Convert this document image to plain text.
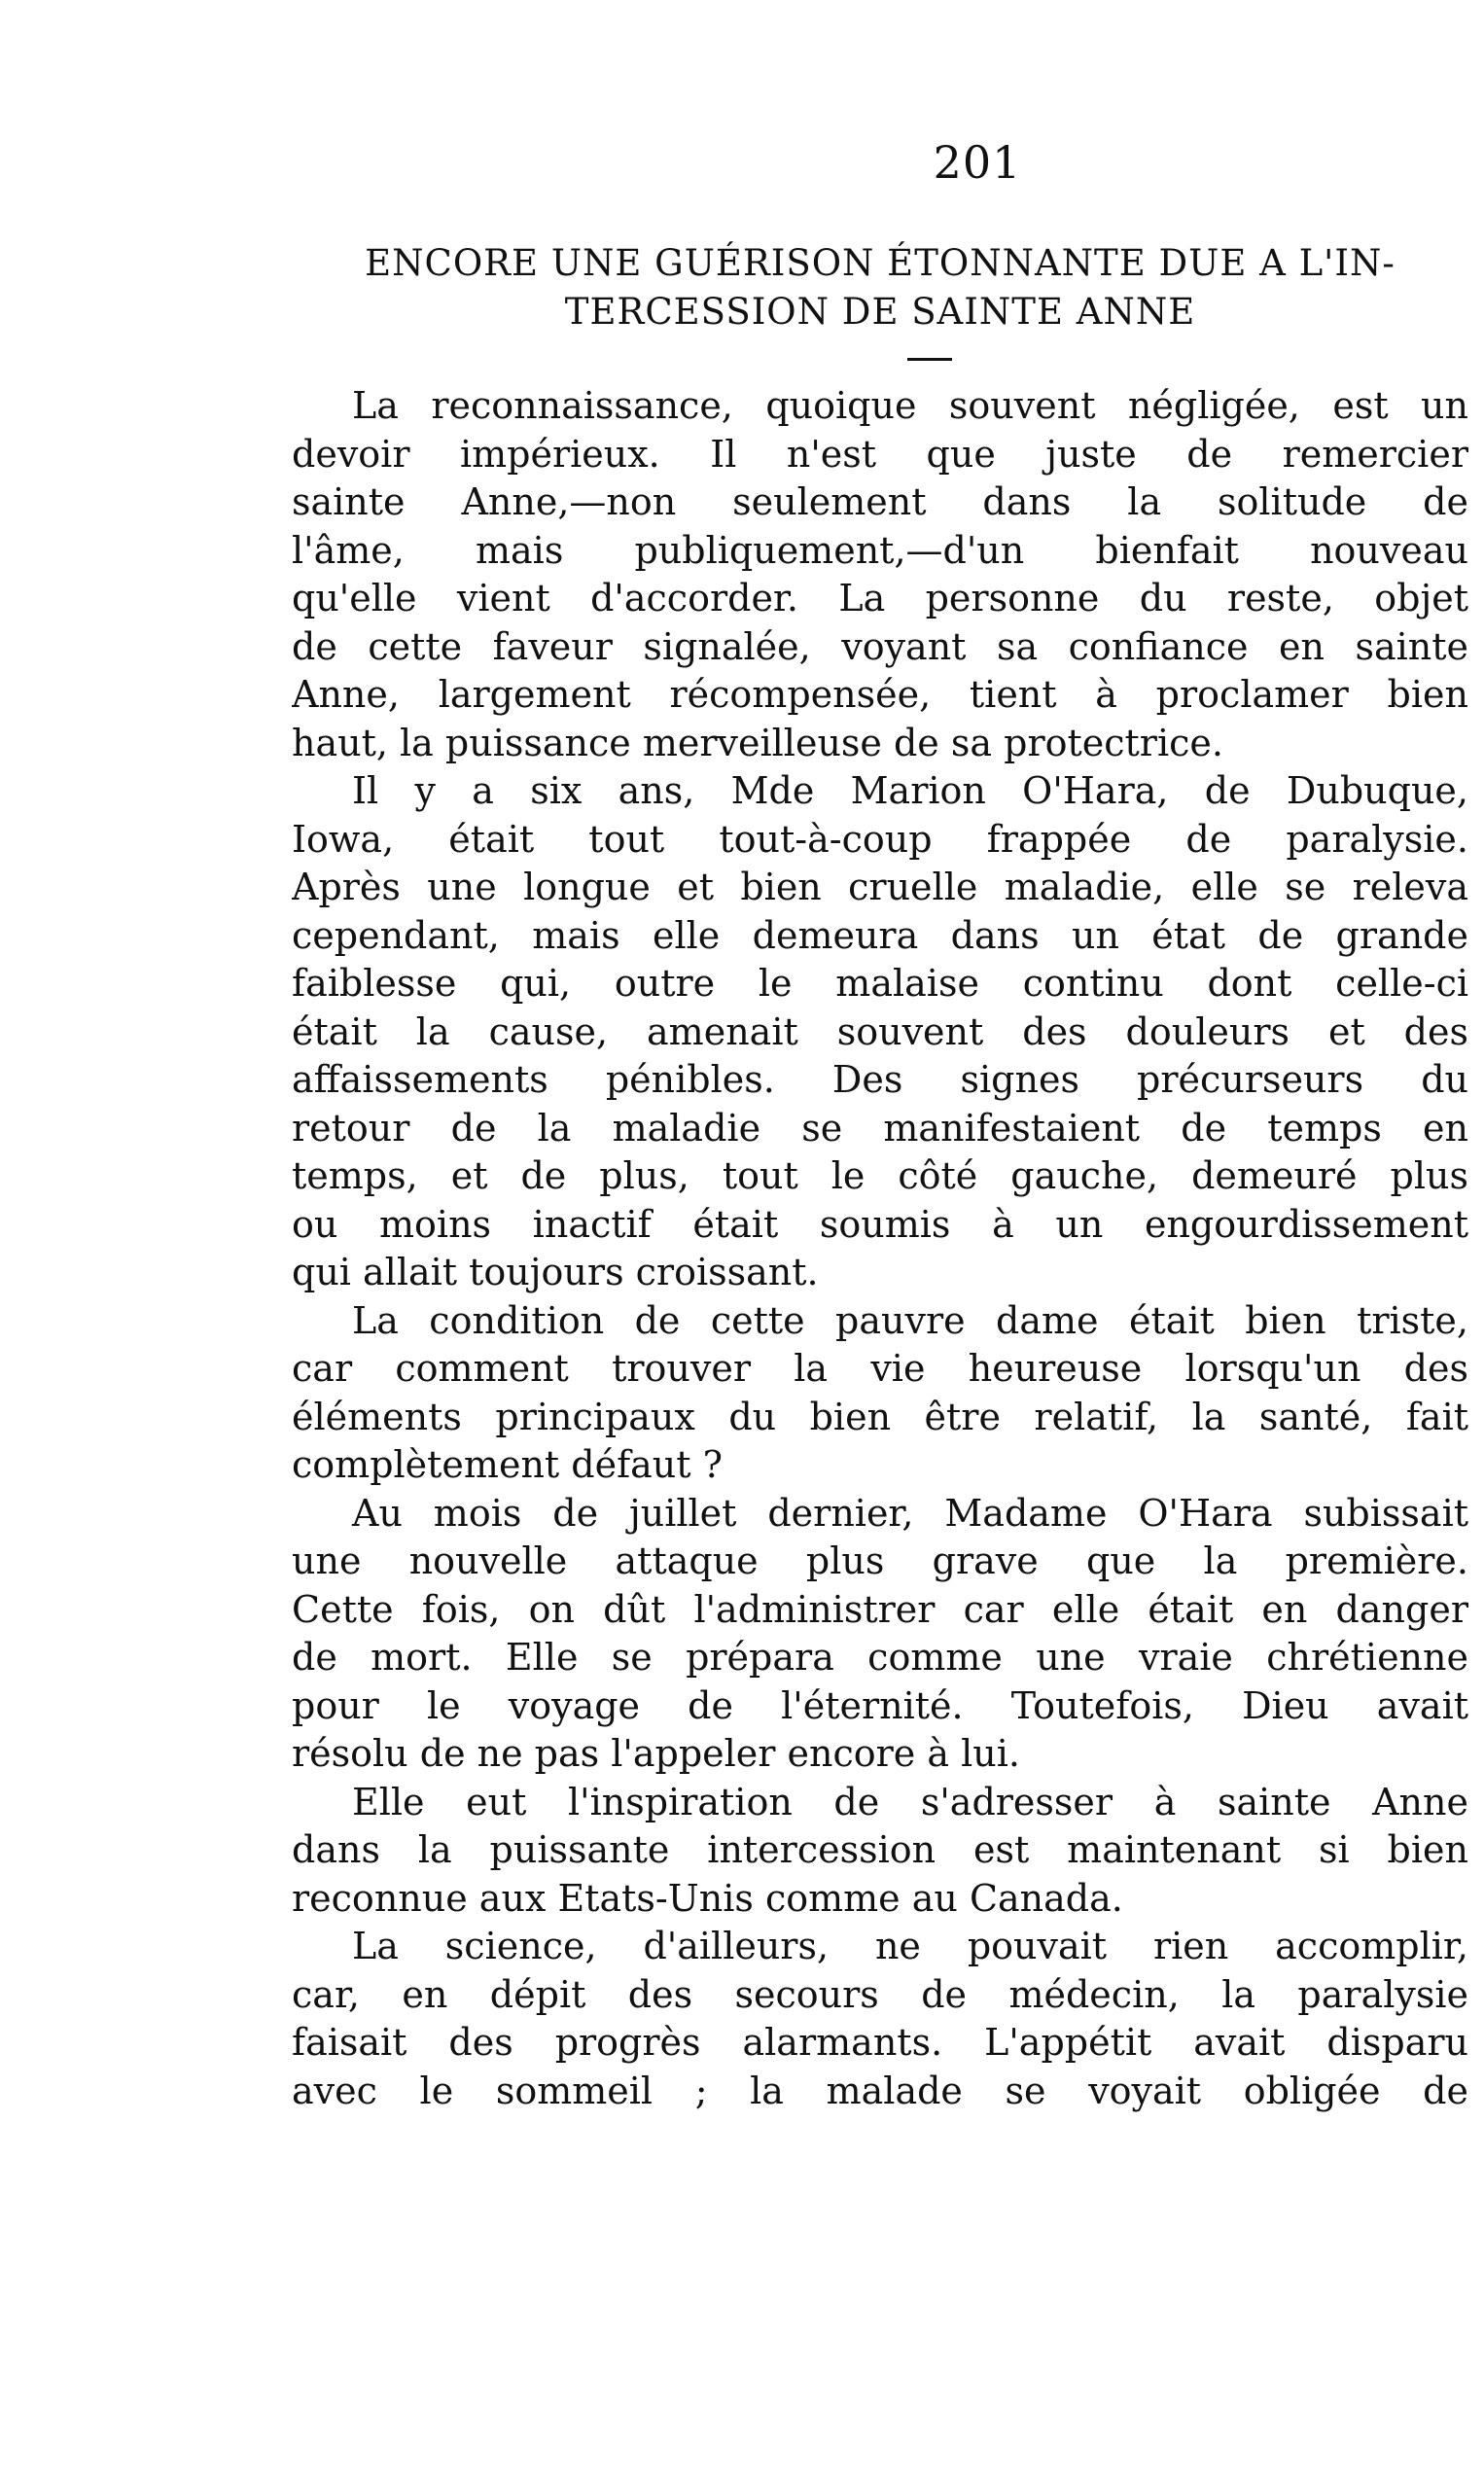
201
ENCORE UNE GUÉRISON ÉTONNANTE DUE A L'IN-
TERCESSION DE SAINTE ANNE
La reconnaissance, quoique souvent négligée, est un
devoir impérieux. Il n'est que juste de remercier
sainte Anne,—non seulement dans la solitude de
l'âme, mais publiquement,—d'un bienfait nouveau
qu'elle vient d'accorder. La personne du reste, objet
de cette faveur signalée, voyant sa confiance en sainte
Anne, largement récompensée, tient à proclamer bien
haut, la puissance merveilleuse de sa protectrice.
Il y a six ans, Mde Marion O'Hara, de Dubuque,
Iowa, était tout tout-à-coup frappée de paralysie.
Après une longue et bien cruelle maladie, elle se releva
cependant, mais elle demeura dans un état de grande
faiblesse qui, outre le malaise continu dont celle-ci
était la cause, amenait souvent des douleurs et des
affaissements pénibles. Des signes précurseurs du
retour de la maladie se manifestaient de temps en
temps, et de plus, tout le côté gauche, demeuré plus
ou moins inactif était soumis à un engourdissement
qui allait toujours croissant.
La condition de cette pauvre dame était bien triste,
car comment trouver la vie heureuse lorsqu'un des
éléments principaux du bien être relatif, la santé, fait
complètement défaut ?
Au mois de juillet dernier, Madame O'Hara subissait
une nouvelle attaque plus grave que la première.
Cette fois, on dût l'administrer car elle était en danger
de mort. Elle se prépara comme une vraie chrétienne
pour le voyage de l'éternité. Toutefois, Dieu avait
résolu de ne pas l'appeler encore à lui.
Elle eut l'inspiration de s'adresser à sainte Anne
dans la puissante intercession est maintenant si bien
reconnue aux Etats-Unis comme au Canada.
La science, d'ailleurs, ne pouvait rien accomplir,
car, en dépit des secours de médecin, la paralysie
faisait des progrès alarmants. L'appétit avait disparu
avec le sommeil ; la malade se voyait obligée de
